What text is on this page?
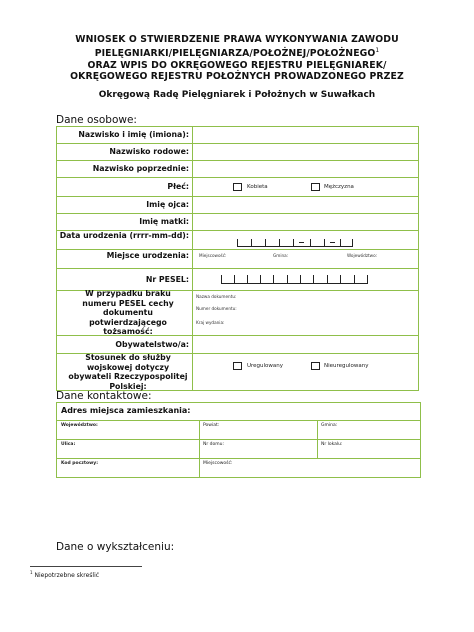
WNIOSEK O STWIERDZENIE PRAWA WYKONYWANIA ZAWODU
PIELĘGNIARKI/PIELĘGNIARZA/POŁOŻNEJ/POŁOŻNEGO$^1$
ORAZ WPIS DO OKRĘGOWEGO REJESTRU PIELĘGNIAREK/
OKRĘGOWEGO REJESTRU POŁOŻNYCH PROWADZONEGO PRZEZ
Okręgową Radę Pielęgniarek i Położnych w Suwałkach
Dane osobowe:
Nazwisko i imię (imiona):
Nazwisko rodowe:
Nazwisko poprzednie:
Płeć:	Kobieta	Mężczyzna
Imię ojca:
Imię matki:
Data urodzenia (rrrr-mm-dd):
Miejsce urodzenia:	Miejscowość:	Gmina:	Województwo:
Nr PESEL:
W przypadku braku numeru PESEL cechy dokumentu potwierdzającego tożsamość:
Nazwa dokumentu:
Numer dokumentu:
Kraj wydania:
Obywatelstwo/a:
Stosunek do służby wojskowej dotyczy obywateli Rzeczypospolitej Polskiej:
Uregulowany	Nieuregulowany
Dane kontaktowe:
Adres miejsca zamieszkania:
Województwo:	Powiat:	Gmina:
Ulica:	Nr domu:	Nr lokalu:
Kod pocztowy:	Miejscowość:
Dane o wykształceniu:
$^1$ Niepotrzebne skreślić
